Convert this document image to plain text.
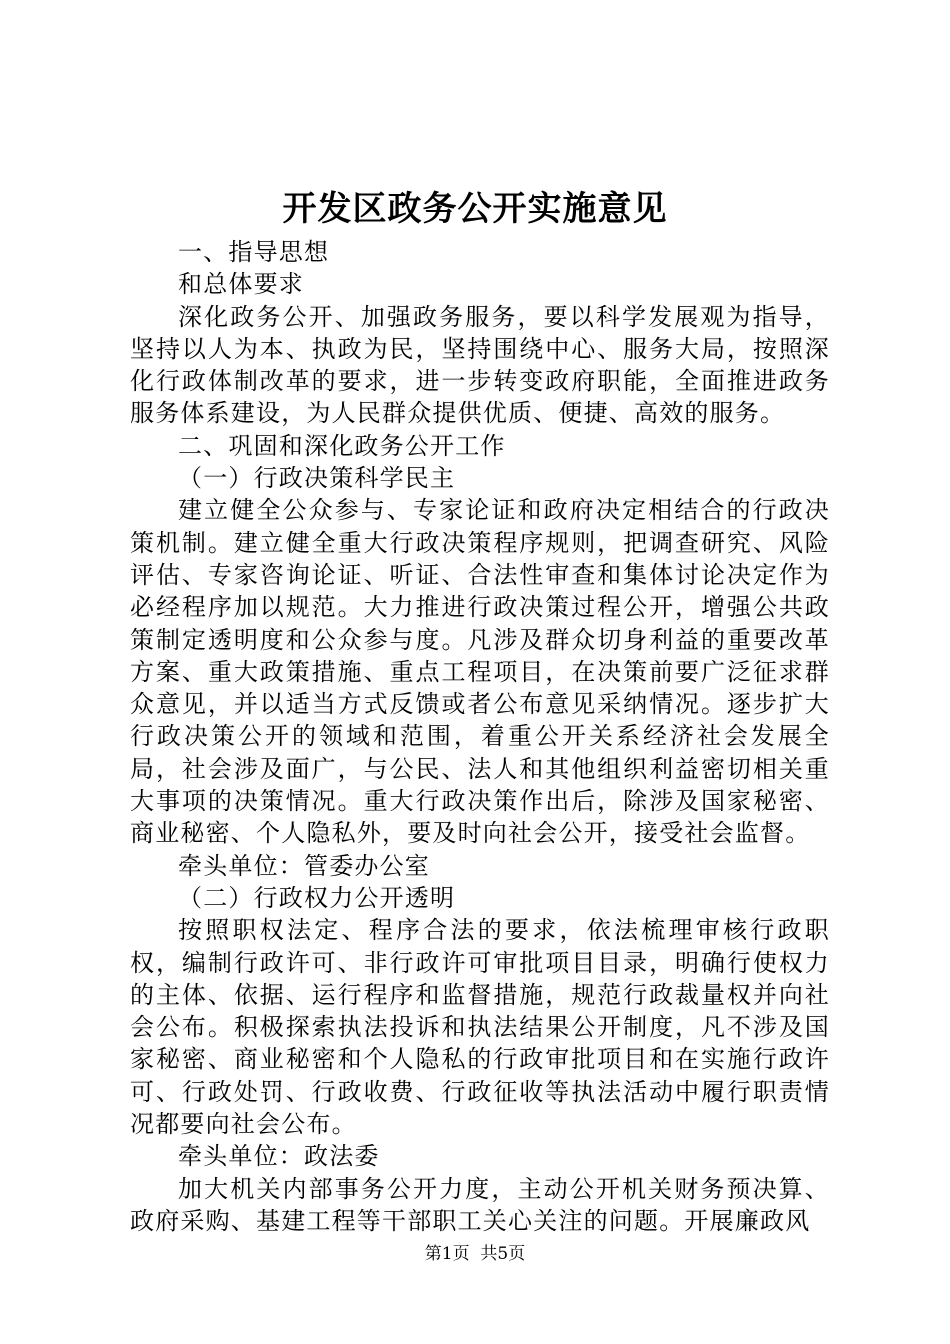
开发区政务公开实施意见

一、指导思想

和总体要求

深化政务公开、加强政务服务，要以科学发展观为指导，坚持以人为本、执政为民，坚持围绕中心、服务大局，按照深化行政体制改革的要求，进一步转变政府职能，全面推进政务服务体系建设，为人民群众提供优质、便捷、高效的服务。

二、巩固和深化政务公开工作

（一）行政决策科学民主

建立健全公众参与、专家论证和政府决定相结合的行政决策机制。建立健全重大行政决策程序规则，把调查研究、风险评估、专家咨询论证、听证、合法性审查和集体讨论决定作为必经程序加以规范。大力推进行政决策过程公开，增强公共政策制定透明度和公众参与度。凡涉及群众切身利益的重要改革方案、重大政策措施、重点工程项目，在决策前要广泛征求群众意见，并以适当方式反馈或者公布意见采纳情况。逐步扩大行政决策公开的领域和范围，着重公开关系经济社会发展全局，社会涉及面广，与公民、法人和其他组织利益密切相关重大事项的决策情况。重大行政决策作出后，除涉及国家秘密、商业秘密、个人隐私外，要及时向社会公开，接受社会监督。

牵头单位：管委办公室

（二）行政权力公开透明

按照职权法定、程序合法的要求，依法梳理审核行政职权，编制行政许可、非行政许可审批项目目录，明确行使权力的主体、依据、运行程序和监督措施，规范行政裁量权并向社会公布。积极探索执法投诉和执法结果公开制度，凡不涉及国家秘密、商业秘密和个人隐私的行政审批项目和在实施行政许可、行政处罚、行政收费、行政征收等执法活动中履行职责情况都要向社会公布。

牵头单位：政法委

加大机关内部事务公开力度，主动公开机关财务预决算、政府采购、基建工程等干部职工关心关注的问题。开展廉政风

第1页 共5页
